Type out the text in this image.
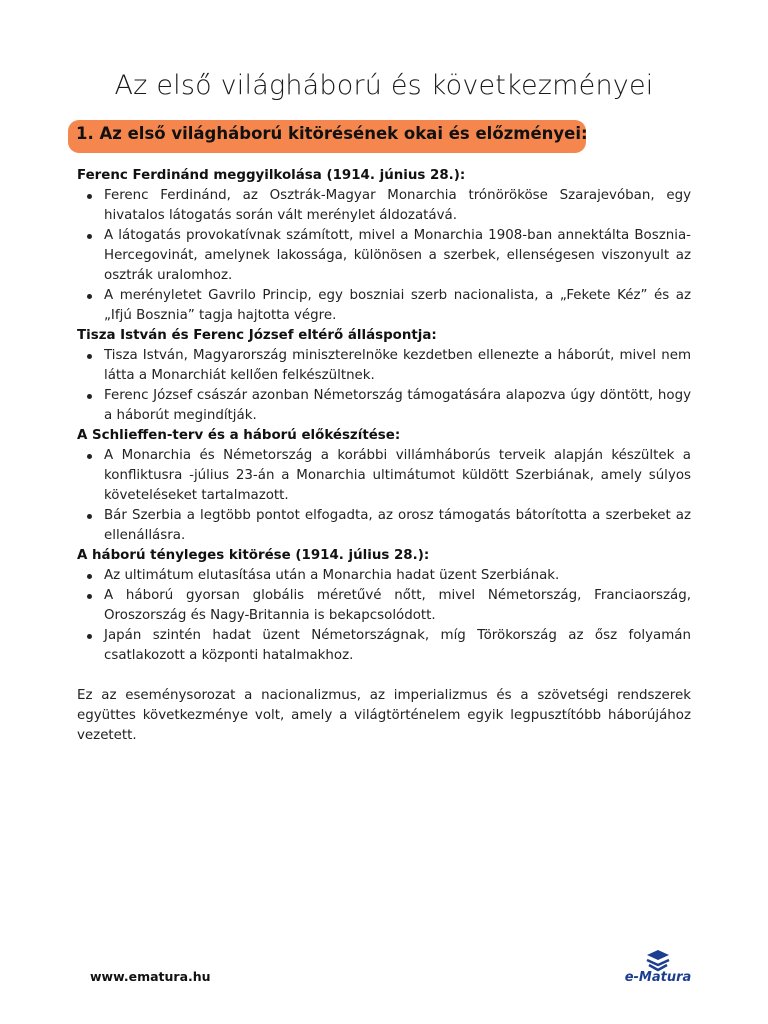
Az első világháború és következményei
1. Az első világháború kitörésének okai és előzményei:

Ferenc Ferdinánd meggyilkolása (1914. június 28.):

Ferenc Ferdinánd, az Osztrák-Magyar Monarchia trónörököse Szarajevóban, egy hivatalos látogatás során vált merénylet áldozatává.
A látogatás provokatívnak számított, mivel a Monarchia 1908-ban annektálta Bosznia-Hercegovinát, amelynek lakossága, különösen a szerbek, ellenségesen viszonyult az osztrák uralomhoz.
A merényletet Gavrilo Princip, egy boszniai szerb nacionalista, a „Fekete Kéz” és az „Ifjú Bosznia” tagja hajtotta végre.

Tisza István és Ferenc József eltérő álláspontja:

Tisza István, Magyarország miniszterelnöke kezdetben ellenezte a háborút, mivel nem látta a Monarchiát kellően felkészültnek.
Ferenc József császár azonban Németország támogatására alapozva úgy döntött, hogy a háborút megindítják.

A Schlieffen-terv és a háború előkészítése:

A Monarchia és Németország a korábbi villámháborús terveik alapján készültek a konfliktusra -július 23-án a Monarchia ultimátumot küldött Szerbiának, amely súlyos követeléseket tartalmazott.
Bár Szerbia a legtöbb pontot elfogadta, az orosz támogatás bátorította a szerbeket az ellenállásra.

A háború tényleges kitörése (1914. július 28.):

Az ultimátum elutasítása után a Monarchia hadat üzent Szerbiának.
A háború gyorsan globális méretűvé nőtt, mivel Németország, Franciaország, Oroszország és Nagy-Britannia is bekapcsolódott.
Japán szintén hadat üzent Németországnak, míg Törökország az ősz folyamán csatlakozott a központi hatalmakhoz.

Ez az eseménysorozat a nacionalizmus, az imperializmus és a szövetségi rendszerek együttes következménye volt, amely a világtörténelem egyik legpusztítóbb háborújához vezetett.

www.ematura.hu	e-Matura
